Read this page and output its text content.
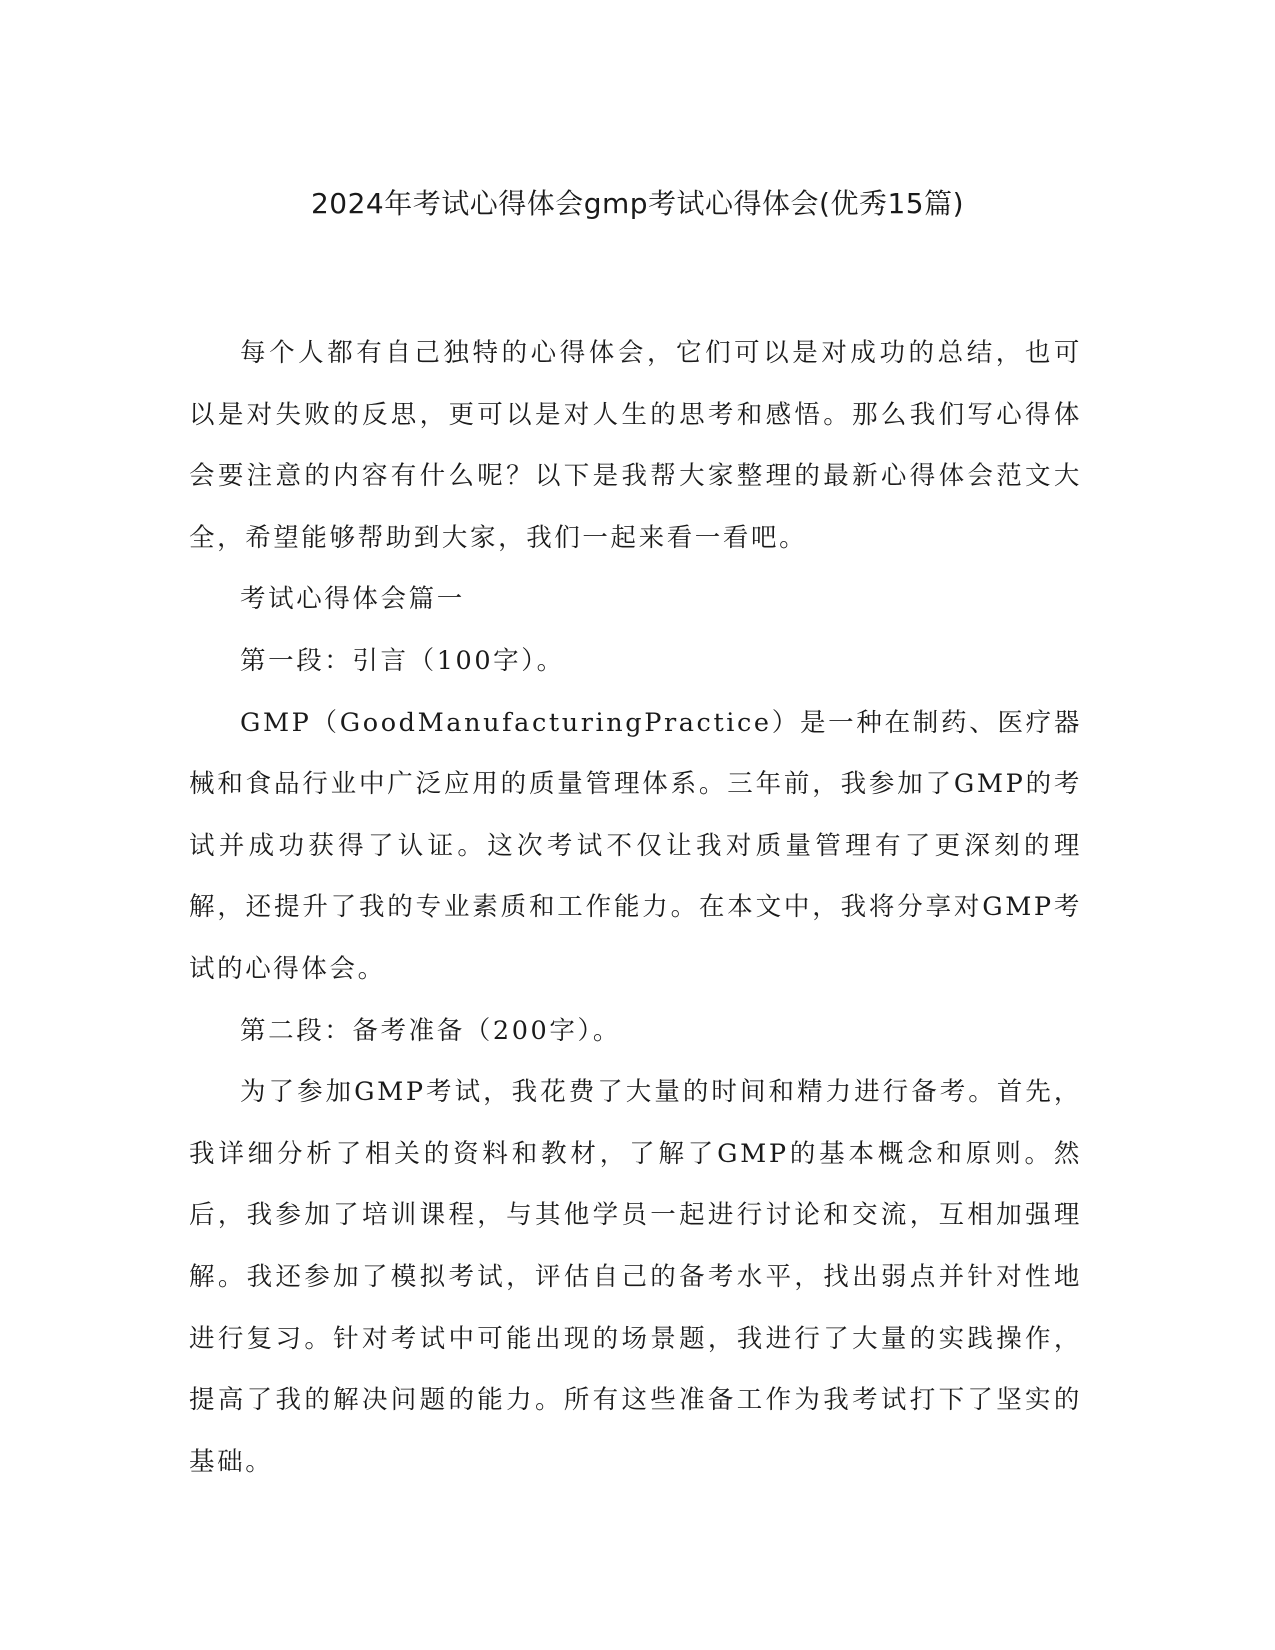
2024年考试心得体会gmp考试心得体会(优秀15篇)

每个人都有自己独特的心得体会，它们可以是对成功的总结，也可以是对失败的反思，更可以是对人生的思考和感悟。那么我们写心得体会要注意的内容有什么呢？以下是我帮大家整理的最新心得体会范文大全，希望能够帮助到大家，我们一起来看一看吧。

考试心得体会篇一

第一段：引言（100字）。

GMP（GoodManufacturingPractice）是一种在制药、医疗器械和食品行业中广泛应用的质量管理体系。三年前，我参加了GMP的考试并成功获得了认证。这次考试不仅让我对质量管理有了更深刻的理解，还提升了我的专业素质和工作能力。在本文中，我将分享对GMP考试的心得体会。

第二段：备考准备（200字）。

为了参加GMP考试，我花费了大量的时间和精力进行备考。首先，我详细分析了相关的资料和教材，了解了GMP的基本概念和原则。然后，我参加了培训课程，与其他学员一起进行讨论和交流，互相加强理解。我还参加了模拟考试，评估自己的备考水平，找出弱点并针对性地进行复习。针对考试中可能出现的场景题，我进行了大量的实践操作，提高了我的解决问题的能力。所有这些准备工作为我考试打下了坚实的基础。
